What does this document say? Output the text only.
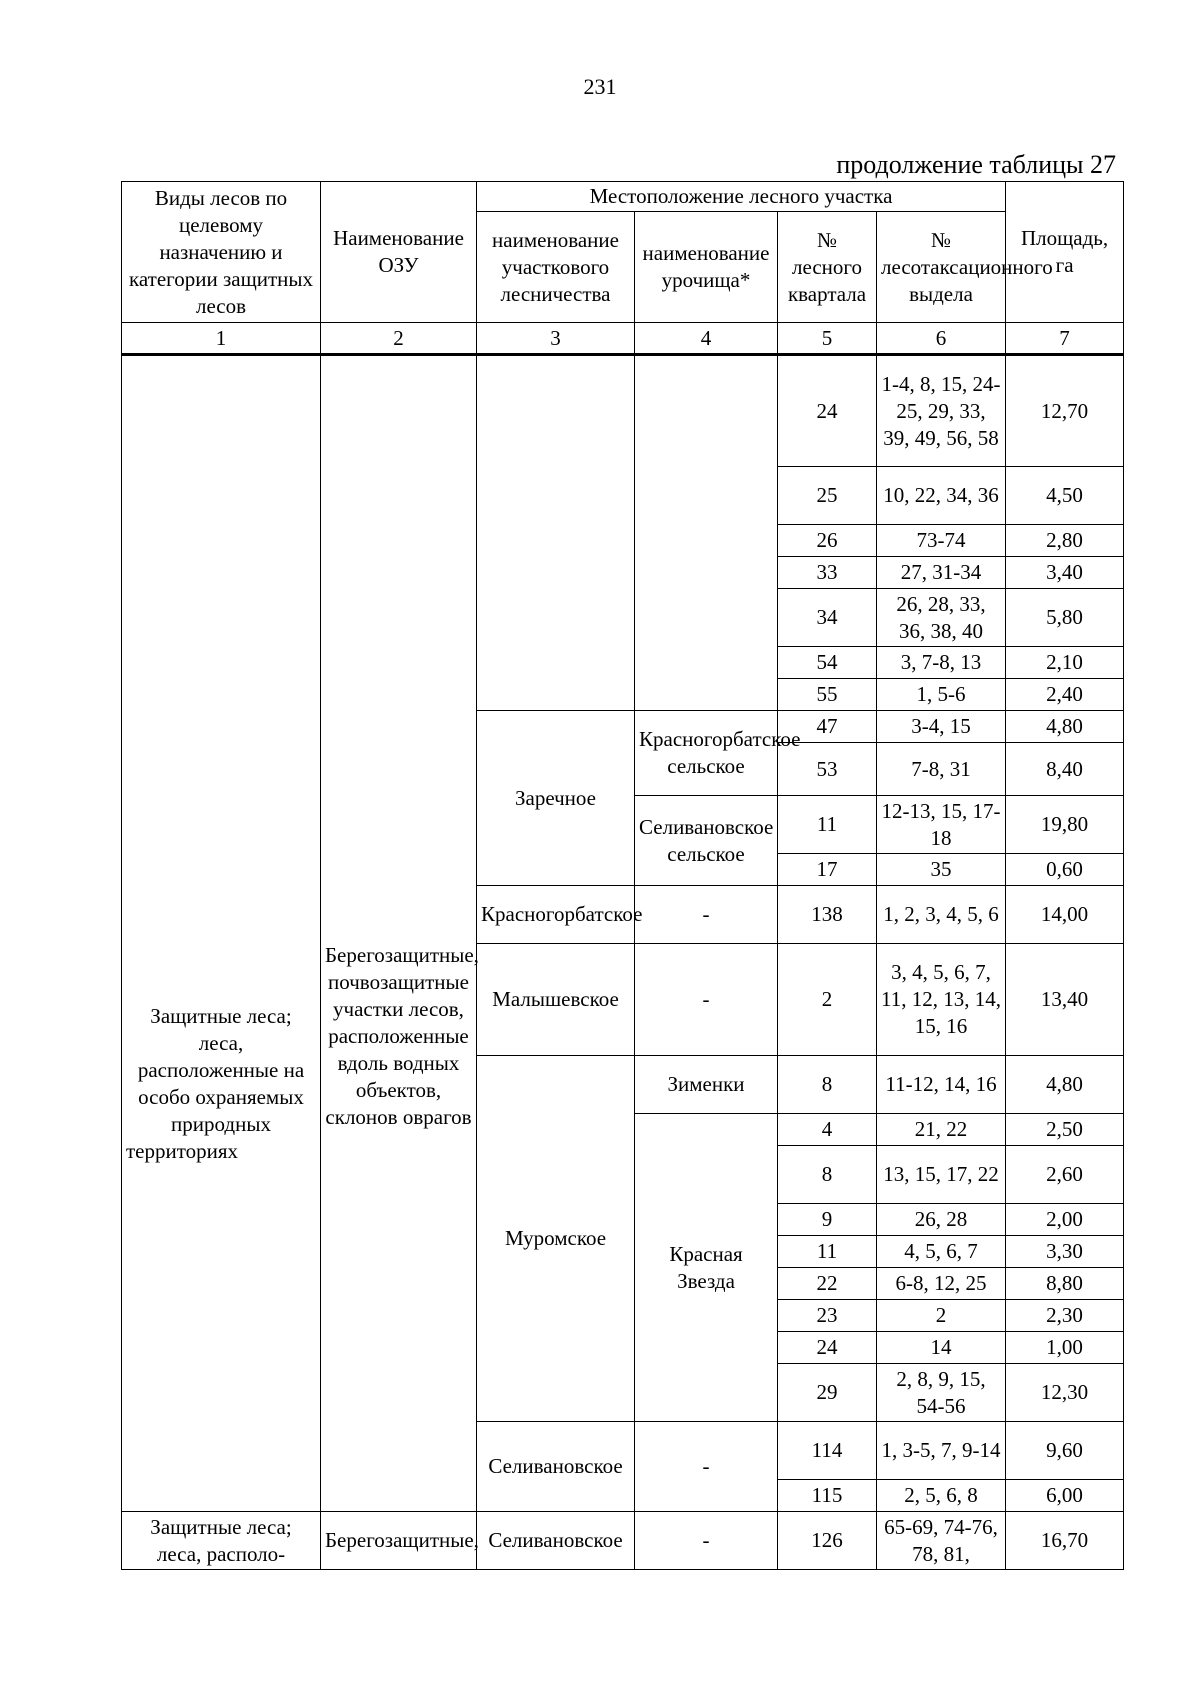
231
продолжение таблицы 27
Виды лесов по целевому назначению и категории защитных лесов	Наименование ОЗУ	Местоположение лесного участка				Площадь, га
		наименование участкового лесничества	наименование урочища*	№ лесного квартала	№ лесотаксационного выдела	
1	2	3	4	5	6	7
Защитные леса; леса, расположенные на особо охраняемых природных территориях	Берегозащитные, почвозащитные участки лесов, расположенные вдоль водных объектов, склонов оврагов			24	1-4, 8, 15, 24-25, 29, 33, 39, 49, 56, 58	12,70
				25	10, 22, 34, 36	4,50
				26	73-74	2,80
				33	27, 31-34	3,40
				34	26, 28, 33, 36, 38, 40	5,80
				54	3, 7-8, 13	2,10
				55	1, 5-6	2,40
		Заречное	Красногорбатское сельское	47	3-4, 15	4,80
				53	7-8, 31	8,40
			Селивановское сельское	11	12-13, 15, 17-18	19,80
				17	35	0,60
		Красногорбатское	-	138	1, 2, 3, 4, 5, 6	14,00
		Малышевское	-	2	3, 4, 5, 6, 7, 11, 12, 13, 14, 15, 16	13,40
		Муромское	Зименки	8	11-12, 14, 16	4,80
			Красная Звезда	4	21, 22	2,50
				8	13, 15, 17, 22	2,60
				9	26, 28	2,00
				11	4, 5, 6, 7	3,30
				22	6-8, 12, 25	8,80
				23	2	2,30
				24	14	1,00
				29	2, 8, 9, 15, 54-56	12,30
		Селивановское	-	114	1, 3-5, 7, 9-14	9,60
				115	2, 5, 6, 8	6,00
Защитные леса; леса, располо-	Берегозащитные,	Селивановское	-	126	65-69, 74-76, 78, 81,	16,70
